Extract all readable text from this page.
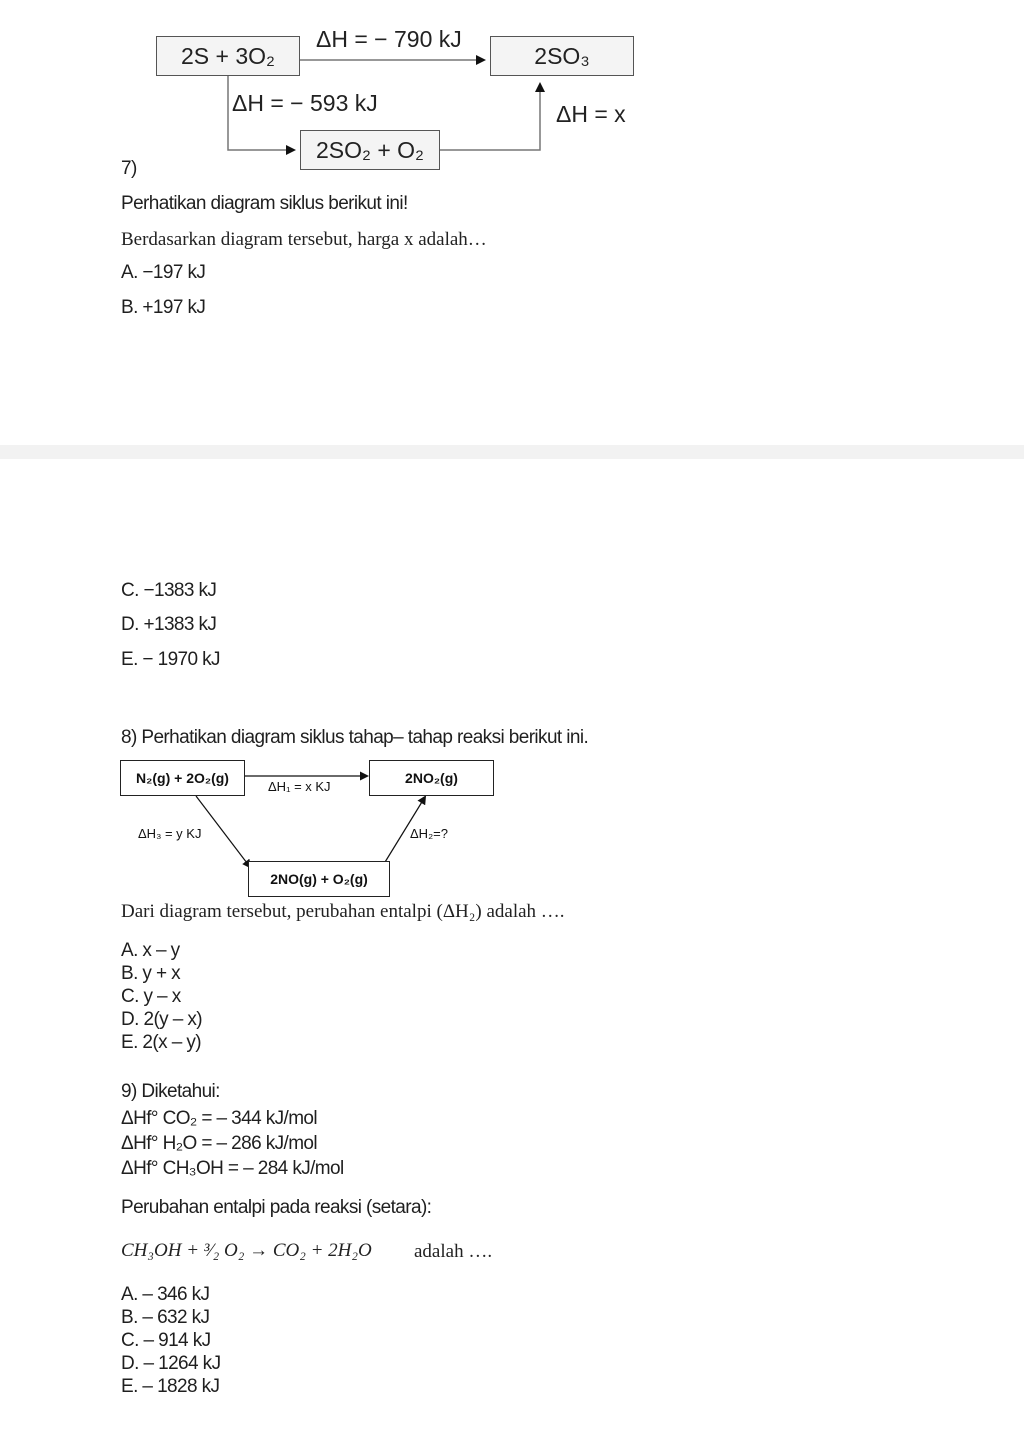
2S + 3O₂	2SO₃
2SO₂ + O₂
ΔH = − 790 kJ
ΔH = − 593 kJ	ΔH = x
7)
Perhatikan diagram siklus berikut ini!
Berdasarkan diagram tersebut, harga x adalah…
A. −197 kJ
B. +197 kJ
C. −1383 kJ
D. +1383 kJ
E. − 1970 kJ
8) Perhatikan diagram siklus tahap– tahap reaksi berikut ini.
N₂(g) + 2O₂(g)	2NO₂(g)
2NO(g) + O₂(g)
ΔH₁ = x KJ
ΔH₃ = y KJ	ΔH₂=?
Dari diagram tersebut, perubahan entalpi (ΔH₂) adalah ….
A. x – y
B. y + x
C. y – x
D. 2(y – x)
E. 2(x – y)
9) Diketahui:
ΔHf° CO₂ = – 344 kJ/mol
ΔHf° H₂O = – 286 kJ/mol
ΔHf° CH₃OH = – 284 kJ/mol
Perubahan entalpi pada reaksi (setara):
CH₃OH + ³⁄₂ O₂ → CO₂ + 2H₂O adalah ….
A. – 346 kJ
B. – 632 kJ
C. – 914 kJ
D. – 1264 kJ
E. – 1828 kJ
